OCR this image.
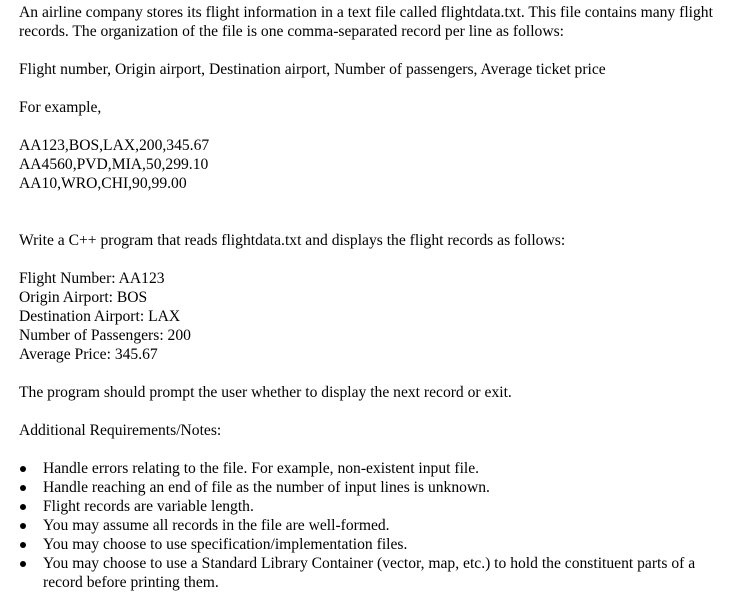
An airline company stores its flight information in a text file called flightdata.txt. This file contains many flight records. The organization of the file is one comma-separated record per line as follows:

Flight number, Origin airport, Destination airport, Number of passengers, Average ticket price

For example,

AA123,BOS,LAX,200,345.67
AA4560,PVD,MIA,50,299.10
AA10,WRO,CHI,90,99.00

Write a C++ program that reads flightdata.txt and displays the flight records as follows:

Flight Number: AA123
Origin Airport: BOS
Destination Airport: LAX
Number of Passengers: 200
Average Price: 345.67

The program should prompt the user whether to display the next record or exit.

Additional Requirements/Notes:

Handle errors relating to the file. For example, non-existent input file.
Handle reaching an end of file as the number of input lines is unknown.
Flight records are variable length.
You may assume all records in the file are well-formed.
You may choose to use specification/implementation files.
You may choose to use a Standard Library Container (vector, map, etc.) to hold the constituent parts of a record before printing them.
